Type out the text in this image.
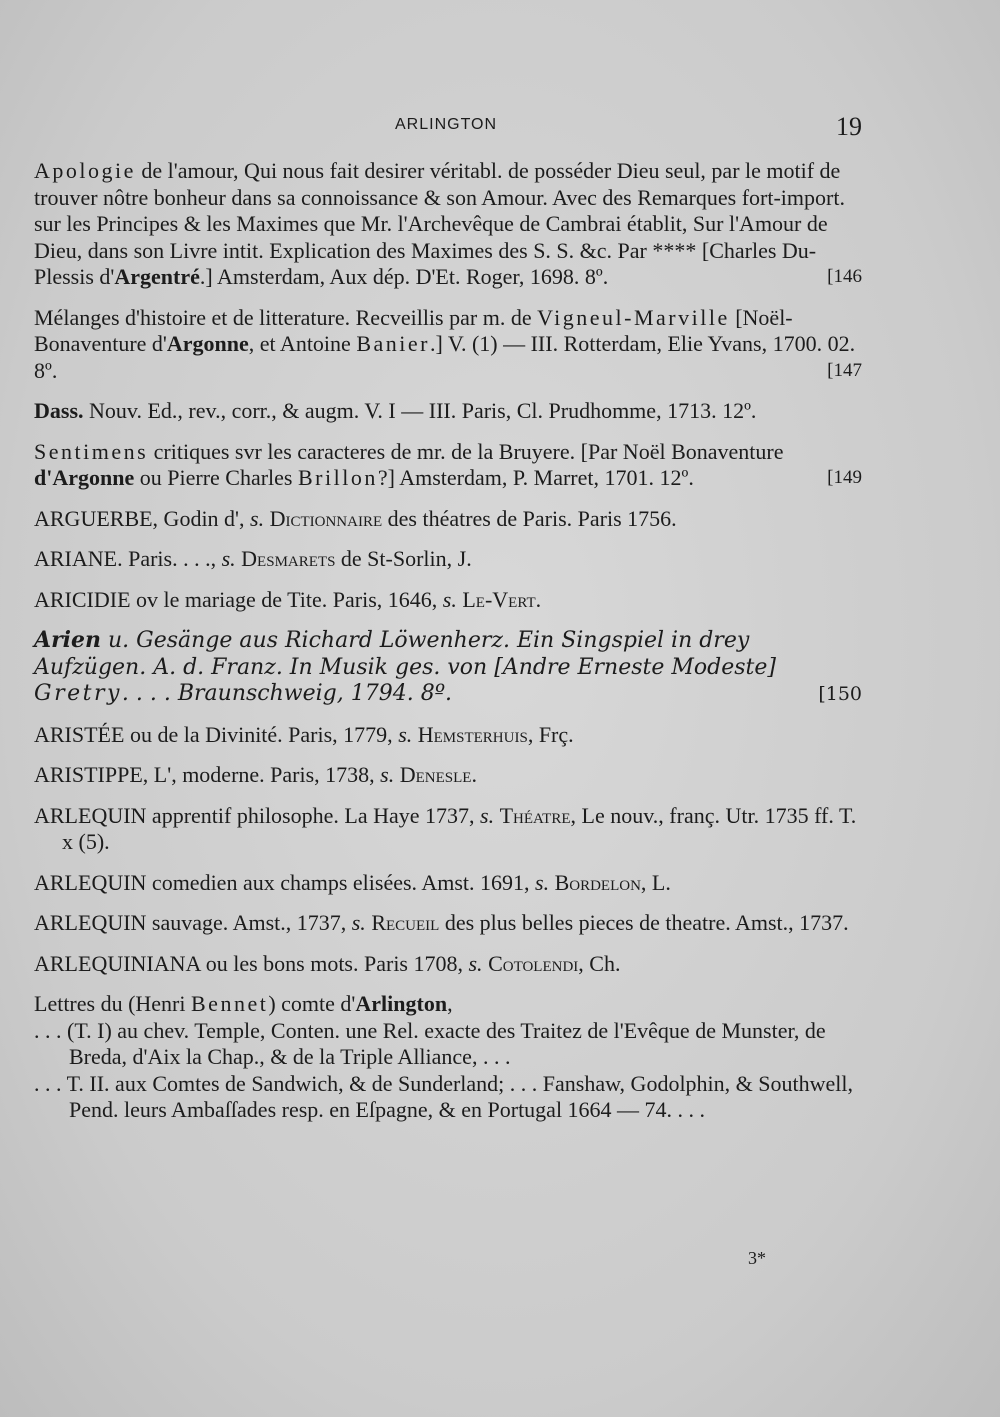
ARLINGTON	19
Apologie de l'amour, Qui nous fait desirer véritabl. de posséder Dieu seul, par le motif de trouver nôtre bonheur dans sa connoissance & son Amour. Avec des Remarques fort-import. sur les Principes & les Maximes que Mr. l'Archevêque de Cambrai établit, Sur l'Amour de Dieu, dans son Livre intit. Explication des Maximes des S. S. &c. Par **** [Charles Du-Plessis d'Argentré.] Amsterdam, Aux dép. D'Et. Roger, 1698. 8º.	[146
Mélanges d'histoire et de litterature. Recveillis par m. de Vigneul-Marville [Noël-Bonaventure d'Argonne, et Antoine Banier.] V. (1) — III. Rotterdam, Elie Yvans, 1700. 02. 8º.	[147
Dass. Nouv. Ed., rev., corr., & augm. V. I — III. Paris, Cl. Prudhomme, 1713. 12º.
Sentimens critiques svr les caracteres de mr. de la Bruyere. [Par Noël Bonaventure d'Argonne ou Pierre Charles Brillon?] Amsterdam, P. Marret, 1701. 12º.	[149
ARGUERBE, Godin d', s. Dictionnaire des théatres de Paris. Paris 1756.
ARIANE. Paris. . . ., s. Desmarets de St-Sorlin, J.
ARICIDIE ov le mariage de Tite. Paris, 1646, s. Le-Vert.
Arien u. Gesänge aus Richard Löwenherz. Ein Singspiel in drey Aufzügen. A. d. Franz. In Musik ges. von [Andre Erneste Modeste] Gretry. . . . Braunschweig, 1794. 8º.	[150
ARISTÉE ou de la Divinité. Paris, 1779, s. Hemsterhuis, Frç.
ARISTIPPE, L', moderne. Paris, 1738, s. Denesle.
ARLEQUIN apprentif philosophe. La Haye 1737, s. Théatre, Le nouv., franç. Utr. 1735 ff. T. x (5).
ARLEQUIN comedien aux champs elisées. Amst. 1691, s. Bordelon, L.
ARLEQUIN sauvage. Amst., 1737, s. Recueil des plus belles pieces de theatre. Amst., 1737.
ARLEQUINIANA ou les bons mots. Paris 1708, s. Cotolendi, Ch.
Lettres du (Henri Bennet) comte d'Arlington,
. . . (T. I) au chev. Temple, Conten. une Rel. exacte des Traitez de l'Evêque de Munster, de Breda, d'Aix la Chap., & de la Triple Alliance, . . .
. . . T. II. aux Comtes de Sandwich, & de Sunderland; . . . Fanshaw, Godolphin, & Southwell, Pend. leurs Ambaſſades resp. en Eſpagne, & en Portugal 1664 — 74. . . .
3*
